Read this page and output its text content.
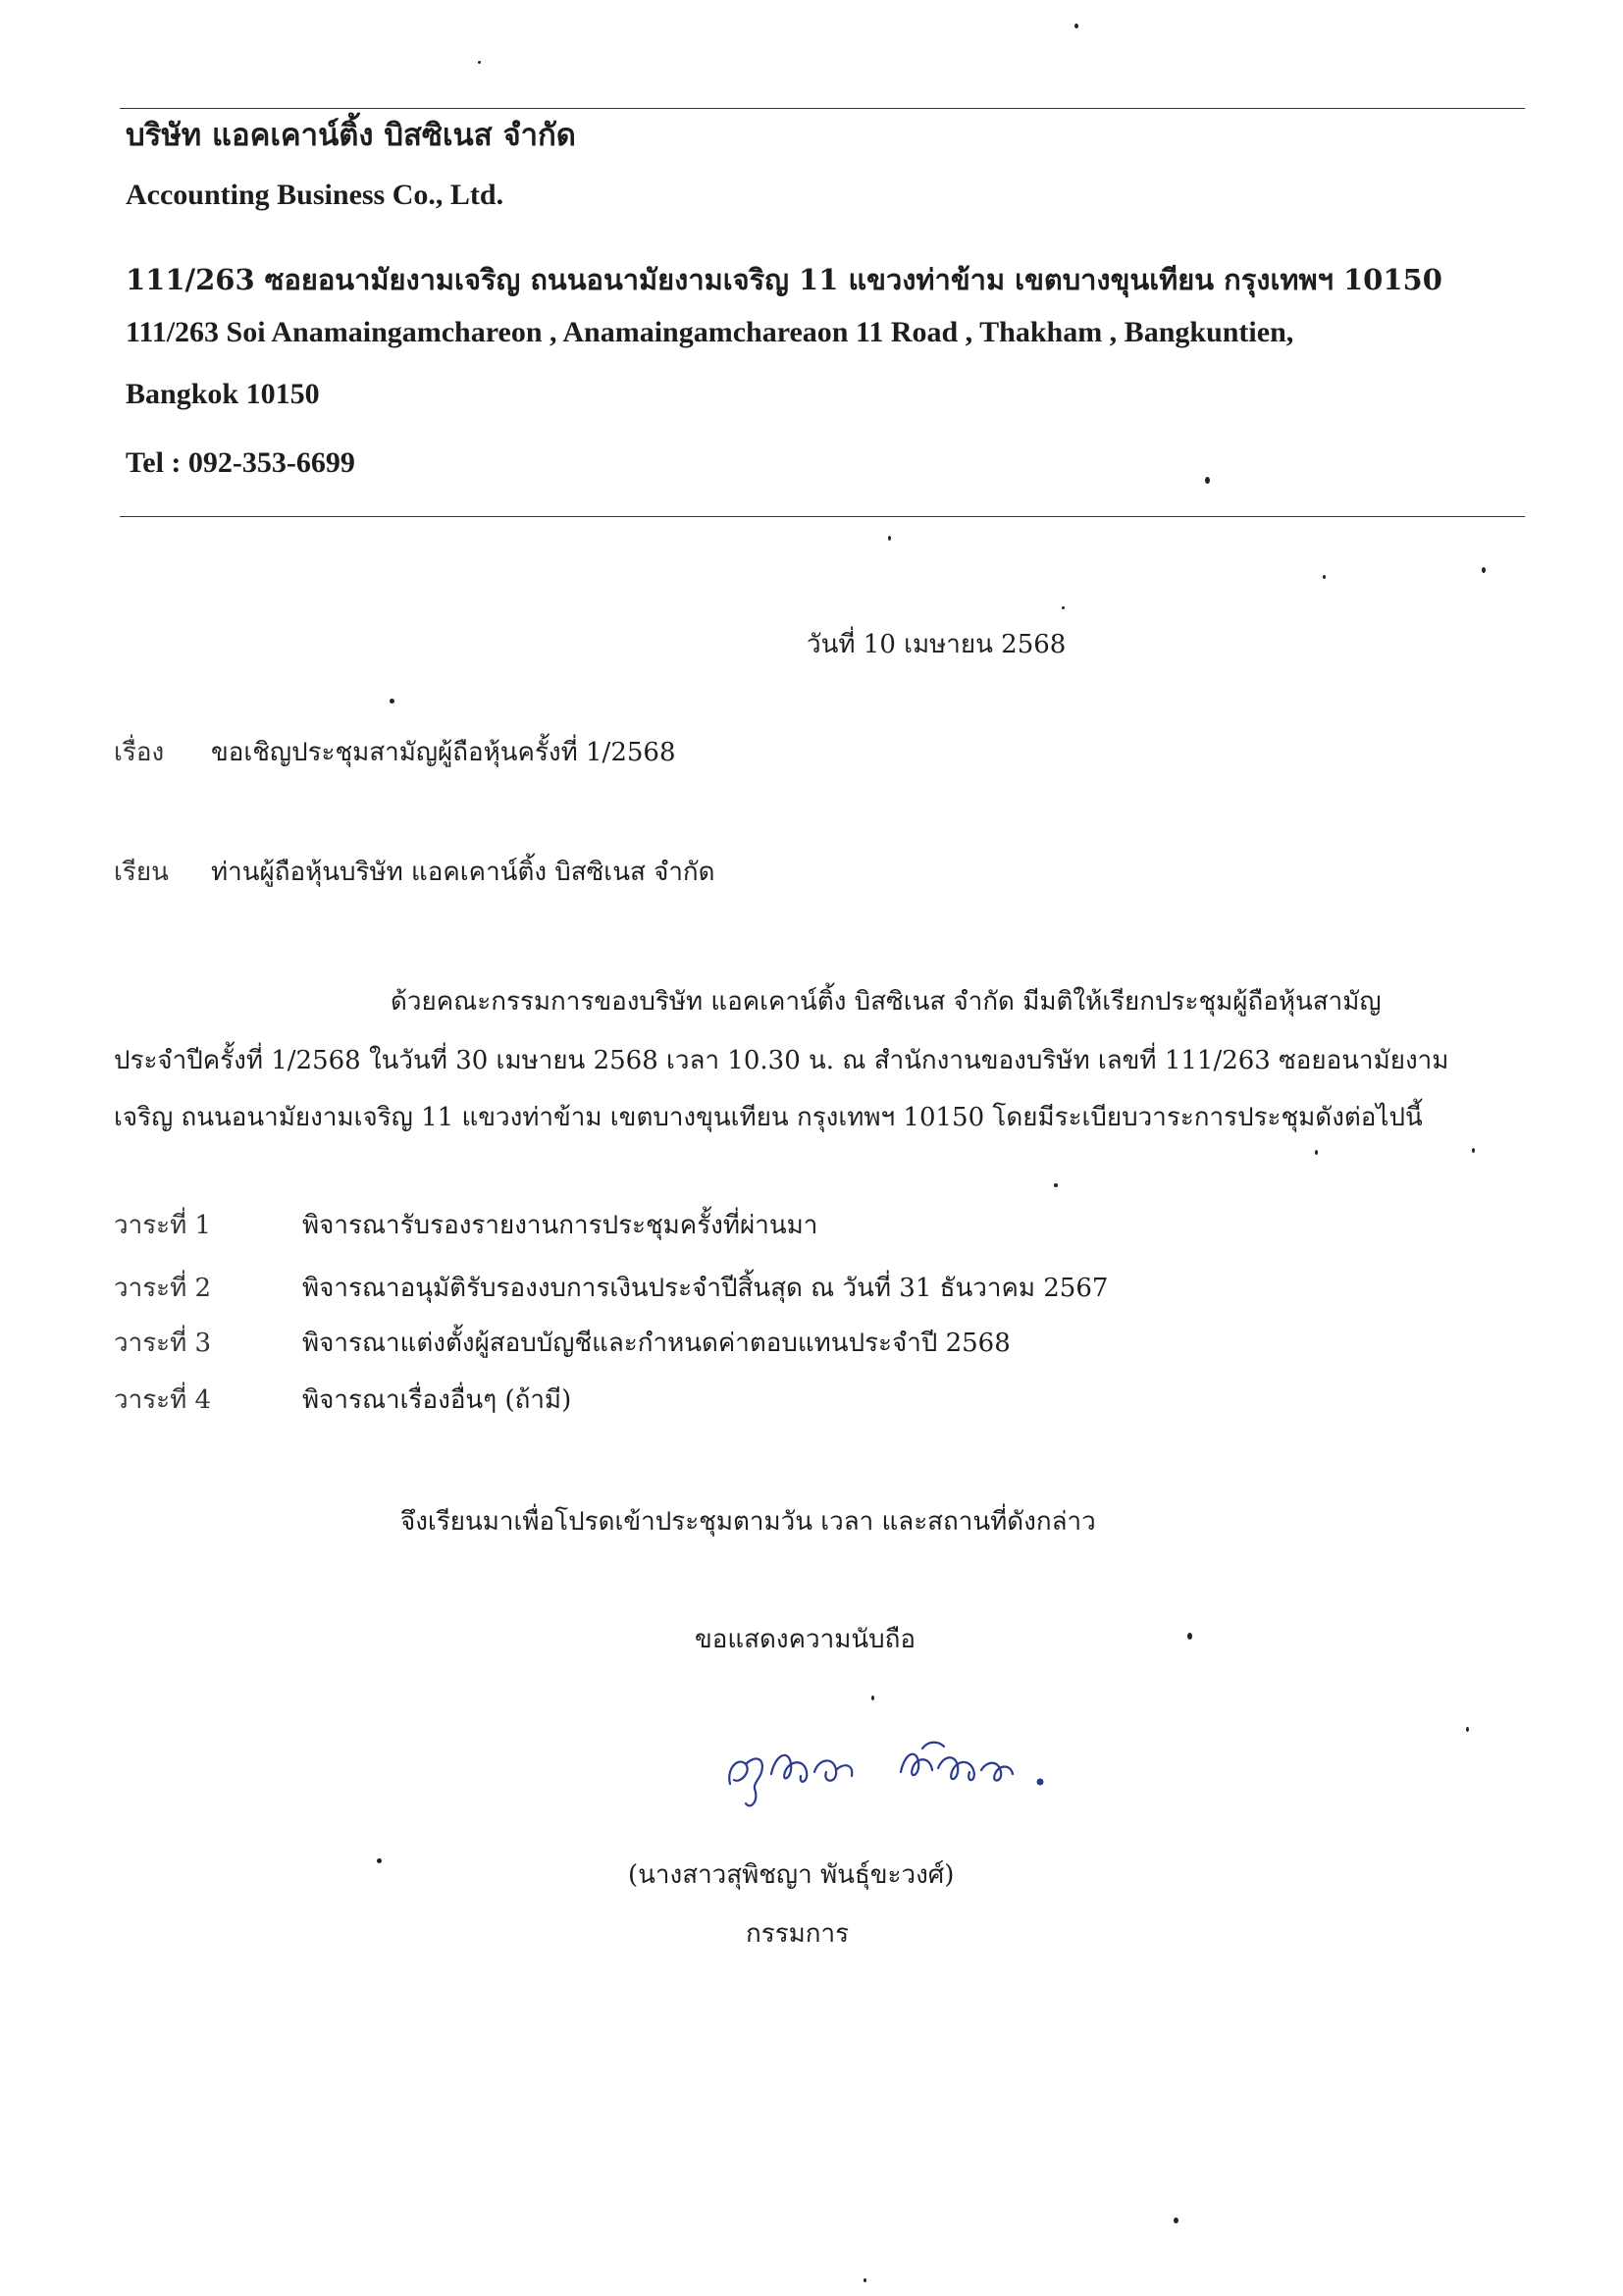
บริษัท แอคเคาน์ติ้ง บิสซิเนส จำกัด
Accounting Business Co., Ltd.
111/263 ซอยอนามัยงามเจริญ ถนนอนามัยงามเจริญ 11 แขวงท่าข้าม เขตบางขุนเทียน กรุงเทพฯ 10150
111/263 Soi Anamaingamchareon , Anamaingamchareaon 11 Road , Thakham , Bangkuntien,
Bangkok 10150
Tel : 092-353-6699
วันที่ 10 เมษายน 2568
เรื่อง ขอเชิญประชุมสามัญผู้ถือหุ้นครั้งที่ 1/2568
เรียน ท่านผู้ถือหุ้นบริษัท แอคเคาน์ติ้ง บิสซิเนส จำกัด
ด้วยคณะกรรมการของบริษัท แอคเคาน์ติ้ง บิสซิเนส จำกัด มีมติให้เรียกประชุมผู้ถือหุ้นสามัญ
ประจำปีครั้งที่ 1/2568 ในวันที่ 30 เมษายน 2568 เวลา 10.30 น. ณ สำนักงานของบริษัท เลขที่ 111/263 ซอยอนามัยงาม
เจริญ ถนนอนามัยงามเจริญ 11 แขวงท่าข้าม เขตบางขุนเทียน กรุงเทพฯ 10150 โดยมีระเบียบวาระการประชุมดังต่อไปนี้
วาระที่ 1	พิจารณารับรองรายงานการประชุมครั้งที่ผ่านมา
วาระที่ 2	พิจารณาอนุมัติรับรองงบการเงินประจำปีสิ้นสุด ณ วันที่ 31 ธันวาคม 2567
วาระที่ 3	พิจารณาแต่งตั้งผู้สอบบัญชีและกำหนดค่าตอบแทนประจำปี 2568
วาระที่ 4	พิจารณาเรื่องอื่นๆ (ถ้ามี)
จึงเรียนมาเพื่อโปรดเข้าประชุมตามวัน เวลา และสถานที่ดังกล่าว
ขอแสดงความนับถือ
(นางสาวสุพิชญา พันธุ์ขะวงศ์)
กรรมการ
